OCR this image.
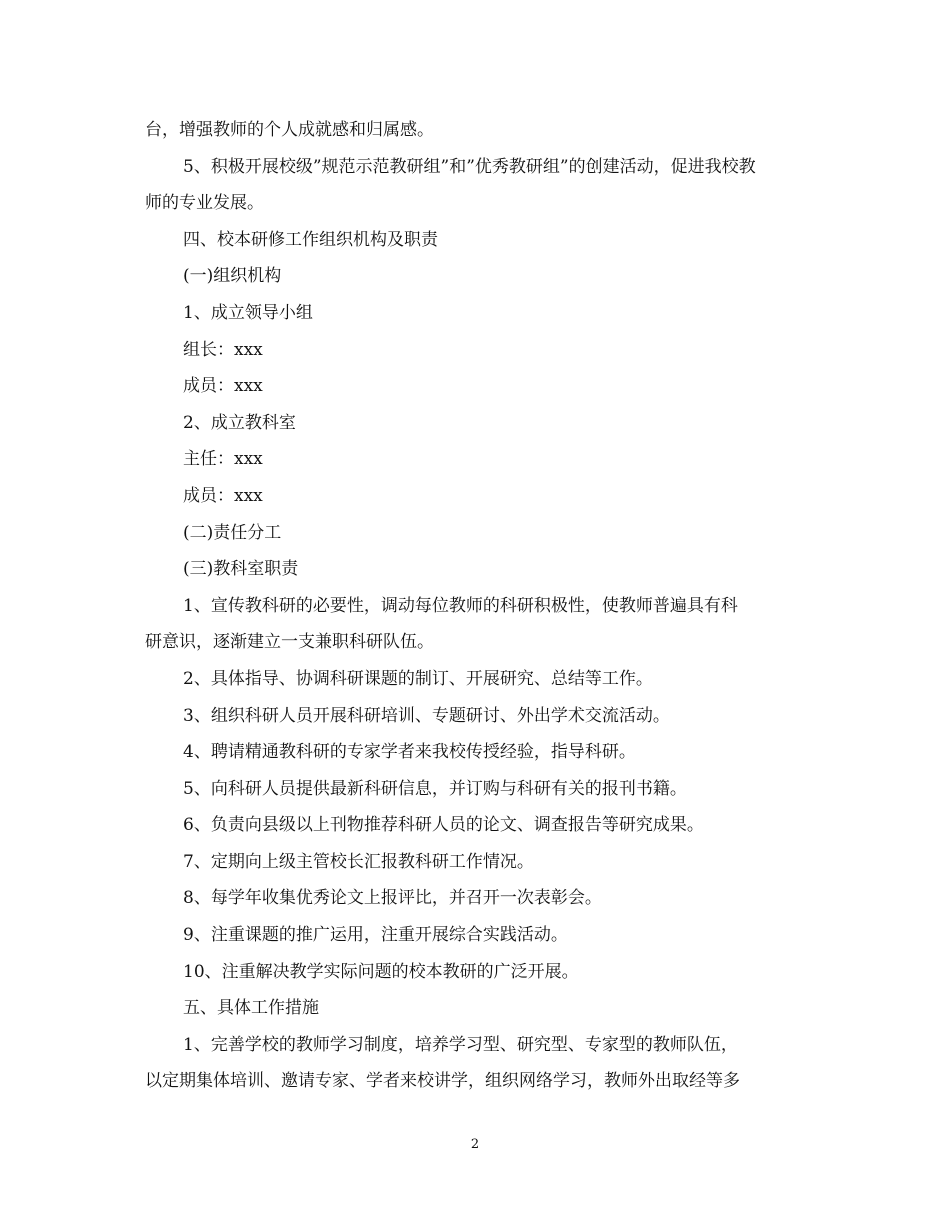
台，增强教师的个人成就感和归属感。
5、积极开展校级”规范示范教研组”和”优秀教研组”的创建活动，促进我校教
师的专业发展。
四、校本研修工作组织机构及职责
(一)组织机构
1、成立领导小组
组长：xxx
成员：xxx
2、成立教科室
主任：xxx
成员：xxx
(二)责任分工
(三)教科室职责
1、宣传教科研的必要性，调动每位教师的科研积极性，使教师普遍具有科
研意识，逐渐建立一支兼职科研队伍。
2、具体指导、协调科研课题的制订、开展研究、总结等工作。
3、组织科研人员开展科研培训、专题研讨、外出学术交流活动。
4、聘请精通教科研的专家学者来我校传授经验，指导科研。
5、向科研人员提供最新科研信息，并订购与科研有关的报刊书籍。
6、负责向县级以上刊物推荐科研人员的论文、调查报告等研究成果。
7、定期向上级主管校长汇报教科研工作情况。
8、每学年收集优秀论文上报评比，并召开一次表彰会。
9、注重课题的推广运用，注重开展综合实践活动。
10、注重解决教学实际问题的校本教研的广泛开展。
五、具体工作措施
1、完善学校的教师学习制度，培养学习型、研究型、专家型的教师队伍，
以定期集体培训、邀请专家、学者来校讲学，组织网络学习，教师外出取经等多
2
